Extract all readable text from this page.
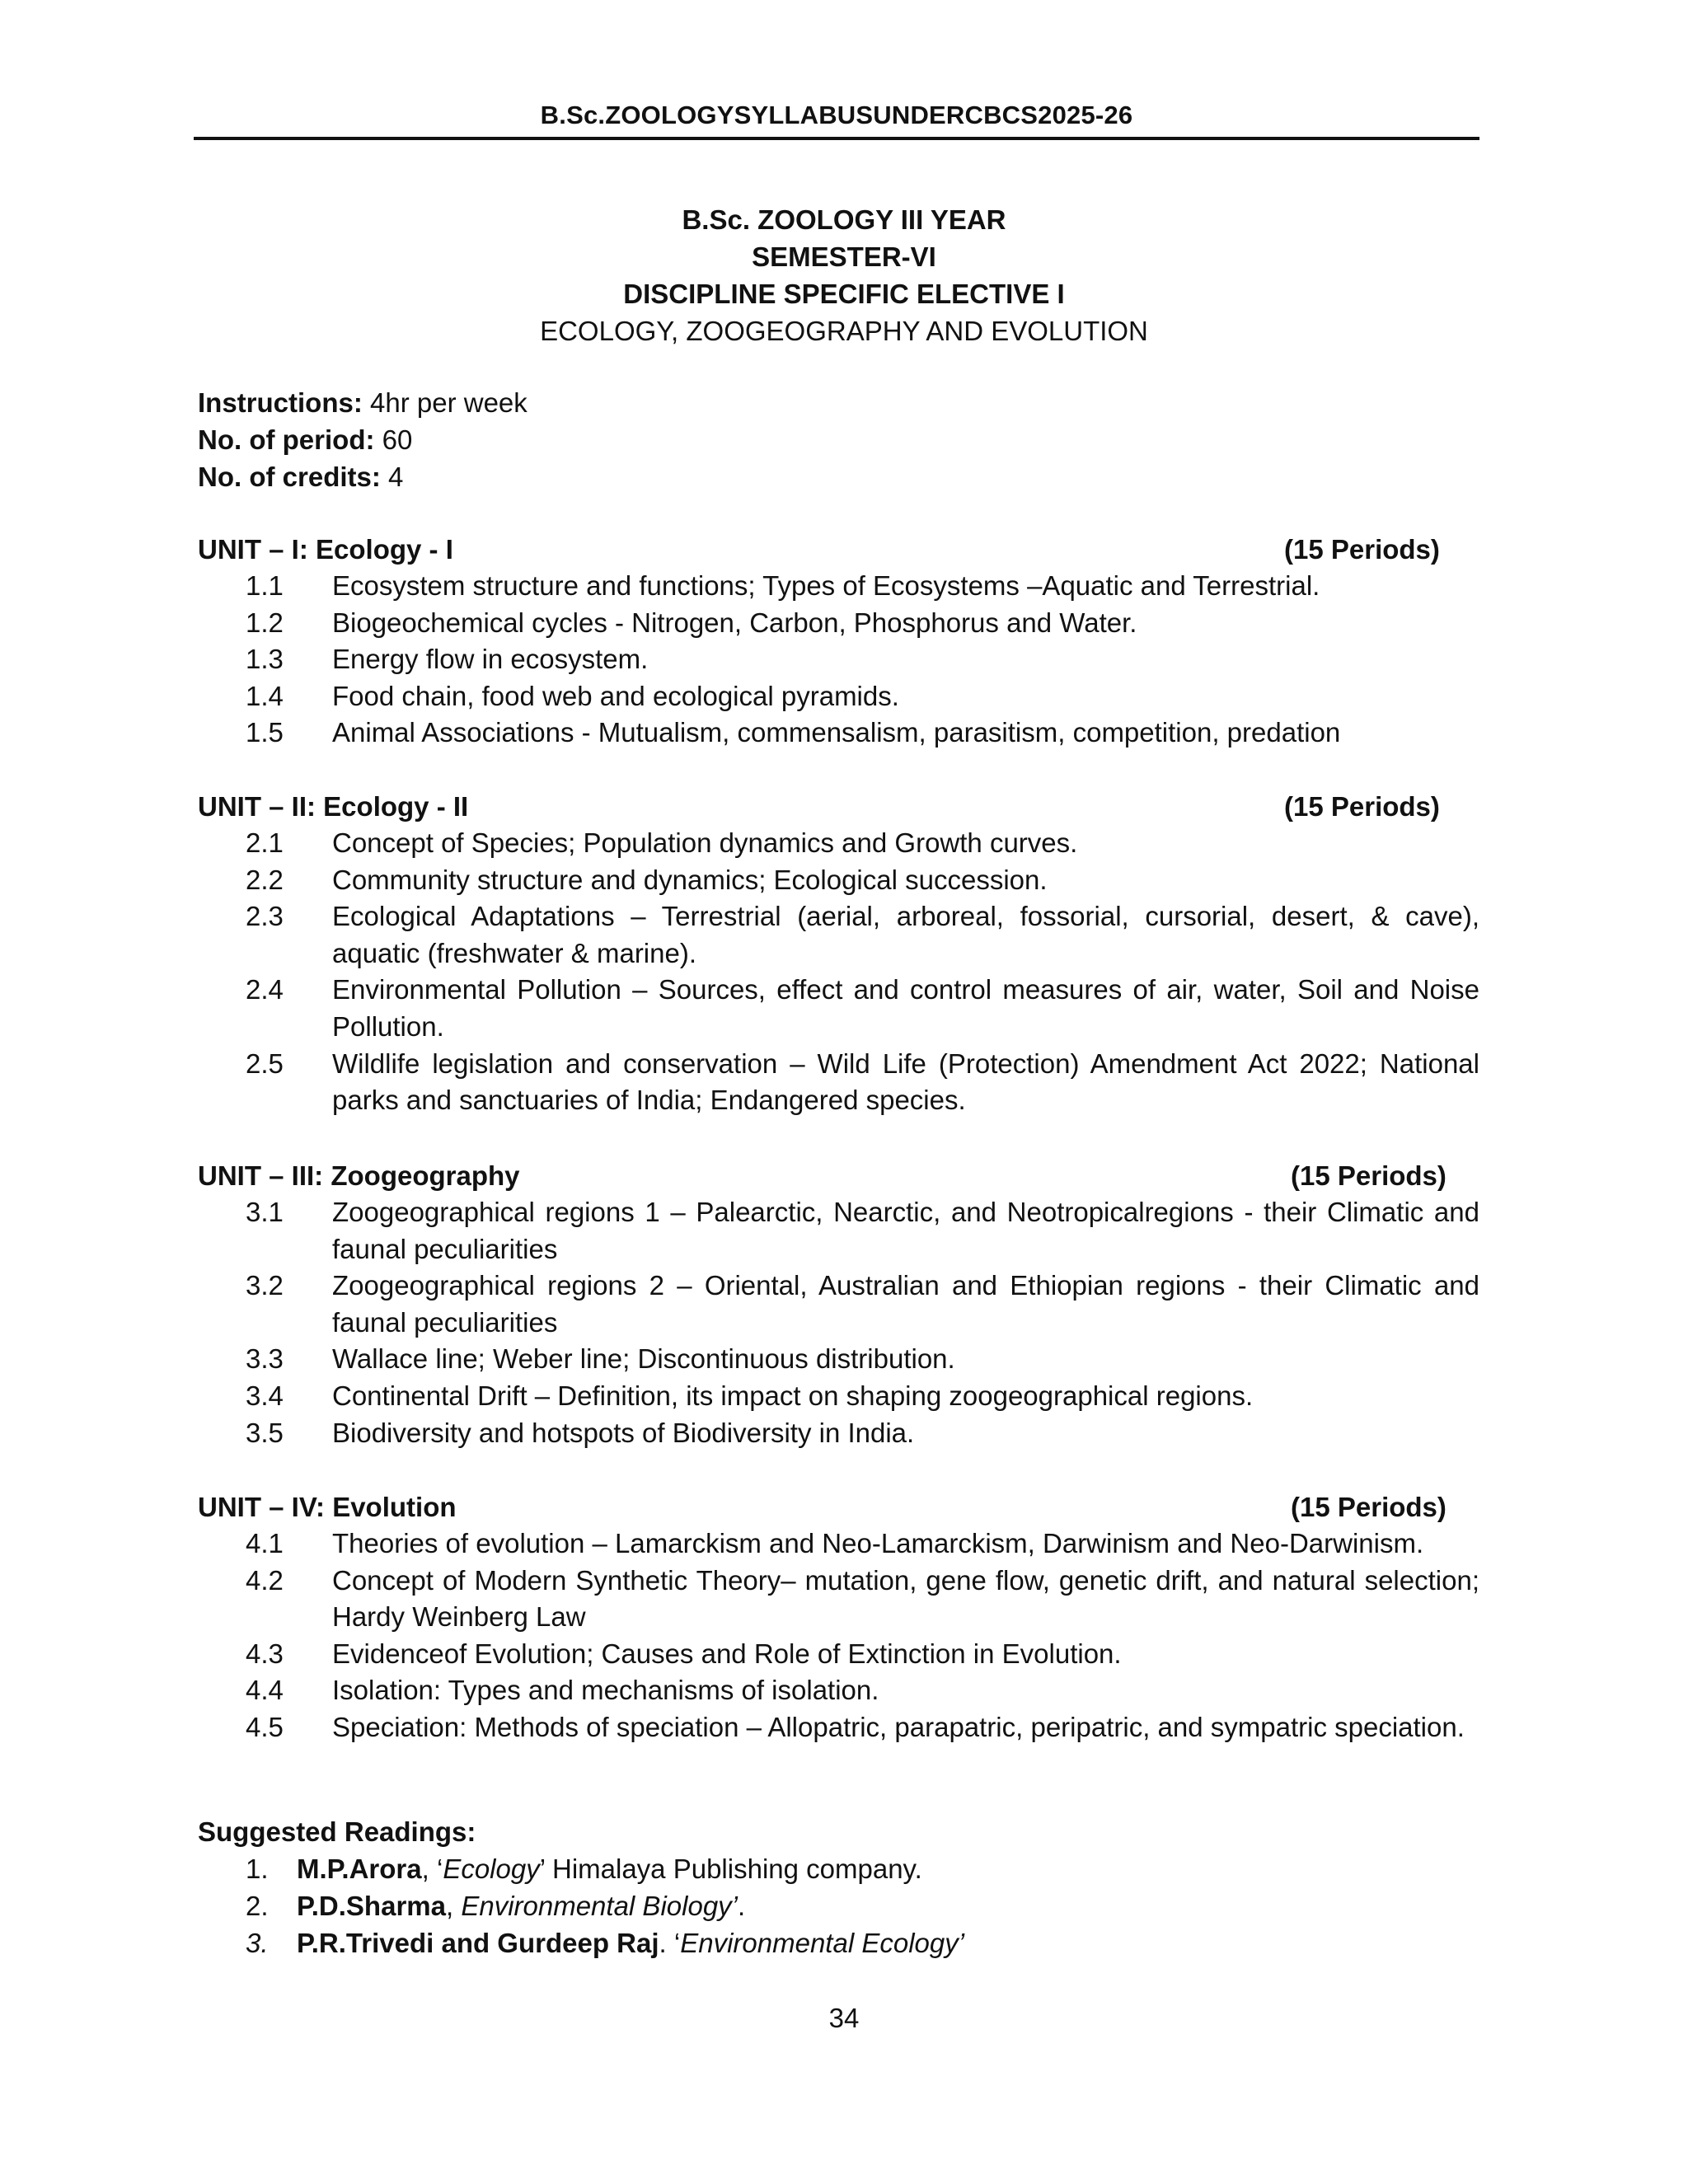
B.Sc.ZOOLOGYSYLLABUSUNDERCBCS2025-26
B.Sc. ZOOLOGY III YEAR
SEMESTER-VI
DISCIPLINE SPECIFIC ELECTIVE I
ECOLOGY, ZOOGEOGRAPHY AND EVOLUTION
Instructions: 4hr per week
No. of period: 60
No. of credits: 4
UNIT – I: Ecology - I	(15 Periods)
1.1 Ecosystem structure and functions; Types of Ecosystems –Aquatic and Terrestrial.
1.2 Biogeochemical cycles - Nitrogen, Carbon, Phosphorus and Water.
1.3 Energy flow in ecosystem.
1.4 Food chain, food web and ecological pyramids.
1.5 Animal Associations - Mutualism, commensalism, parasitism, competition, predation
UNIT – II: Ecology - II	(15 Periods)
2.1 Concept of Species; Population dynamics and Growth curves.
2.2 Community structure and dynamics; Ecological succession.
2.3 Ecological Adaptations – Terrestrial (aerial, arboreal, fossorial, cursorial, desert, & cave), aquatic (freshwater & marine).
2.4 Environmental Pollution – Sources, effect and control measures of air, water, Soil and Noise Pollution.
2.5 Wildlife legislation and conservation – Wild Life (Protection) Amendment Act 2022; National parks and sanctuaries of India; Endangered species.
UNIT – III: Zoogeography	(15 Periods)
3.1 Zoogeographical regions 1 – Palearctic, Nearctic, and Neotropicalregions - their Climatic and faunal peculiarities
3.2 Zoogeographical regions 2 – Oriental, Australian and Ethiopian regions - their Climatic and faunal peculiarities
3.3 Wallace line; Weber line; Discontinuous distribution.
3.4 Continental Drift – Definition, its impact on shaping zoogeographical regions.
3.5 Biodiversity and hotspots of Biodiversity in India.
UNIT – IV: Evolution	(15 Periods)
4.1 Theories of evolution – Lamarckism and Neo-Lamarckism, Darwinism and Neo-Darwinism.
4.2 Concept of Modern Synthetic Theory– mutation, gene flow, genetic drift, and natural selection; Hardy Weinberg Law
4.3 Evidenceof Evolution; Causes and Role of Extinction in Evolution.
4.4 Isolation: Types and mechanisms of isolation.
4.5 Speciation: Methods of speciation – Allopatric, parapatric, peripatric, and sympatric speciation.
Suggested Readings:
1. M.P.Arora, ‘Ecology’ Himalaya Publishing company.
2. P.D.Sharma, Environmental Biology’.
3. P.R.Trivedi and Gurdeep Raj. ‘Environmental Ecology’
34
